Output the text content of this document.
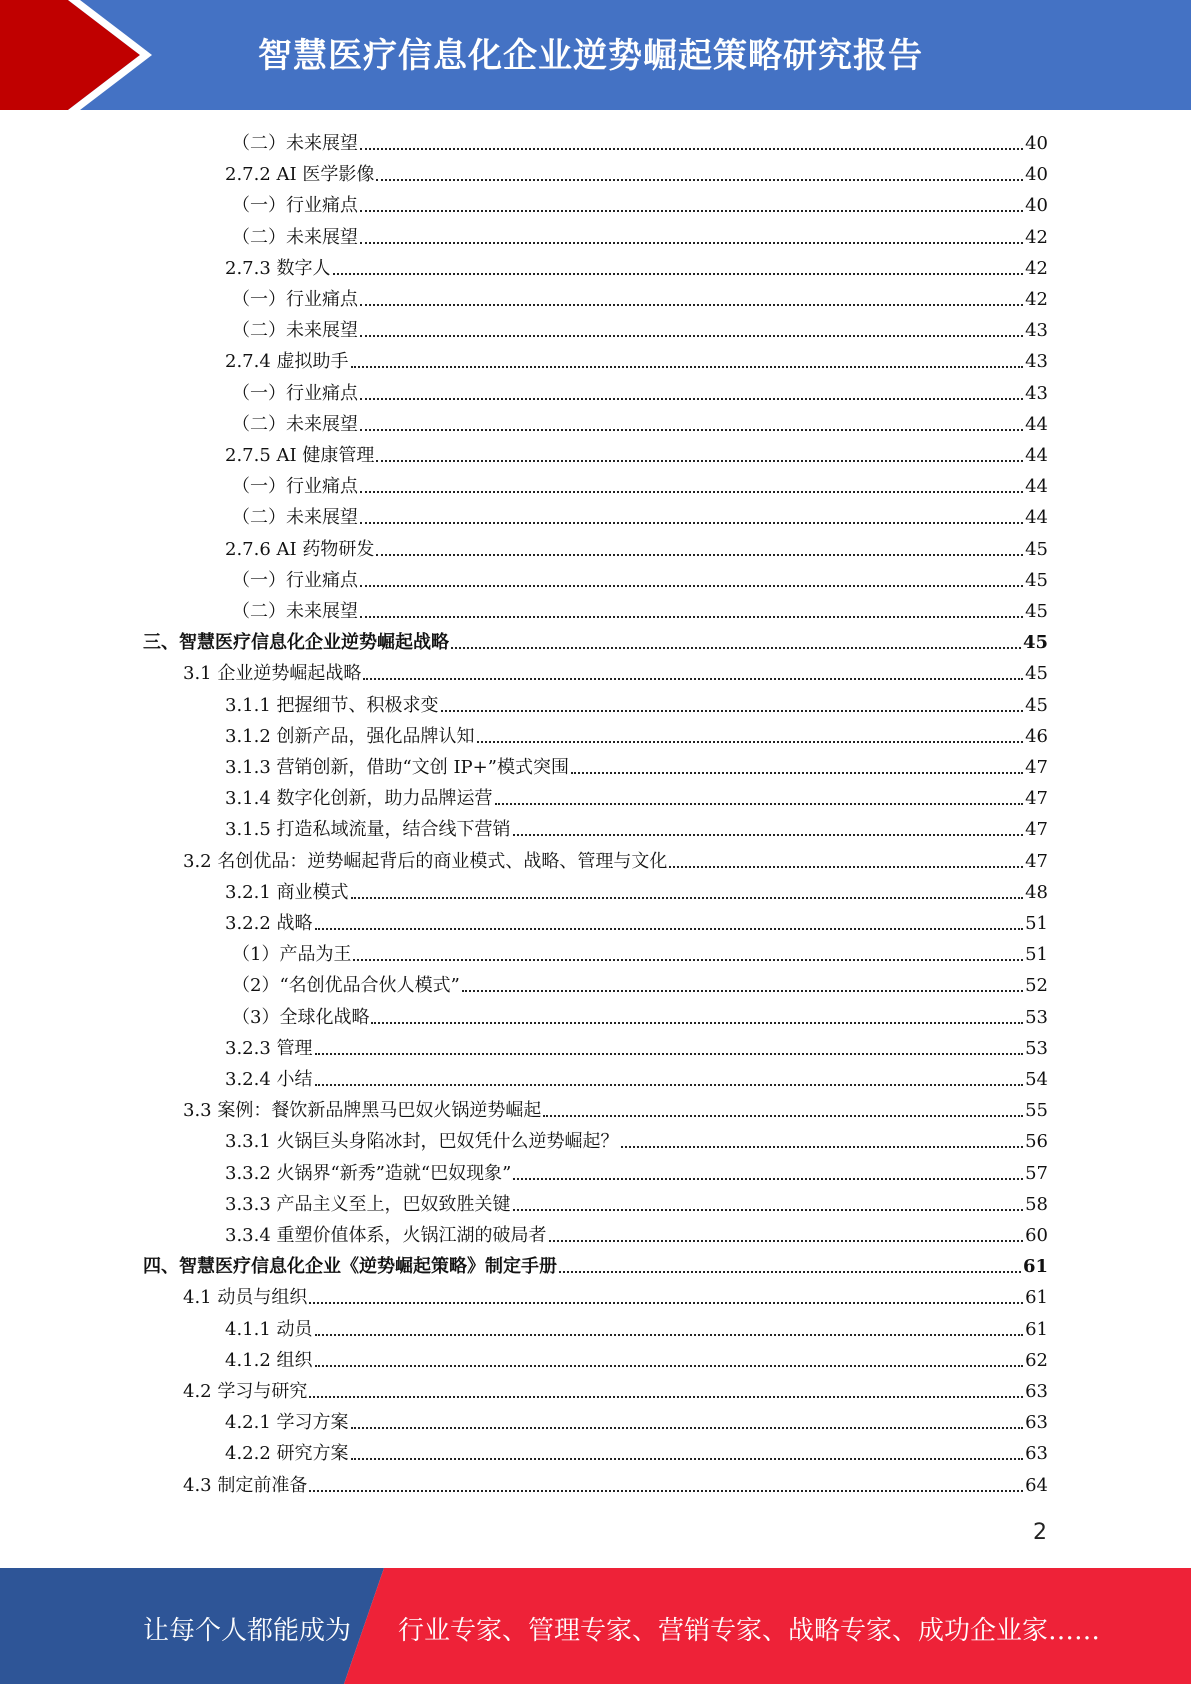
智慧医疗信息化企业逆势崛起策略研究报告
（二）未来展望	40
2.7.2 AI 医学影像	40
（一）行业痛点	40
（二）未来展望	42
2.7.3 数字人	42
（一）行业痛点	42
（二）未来展望	43
2.7.4 虚拟助手	43
（一）行业痛点	43
（二）未来展望	44
2.7.5 AI 健康管理	44
（一）行业痛点	44
（二）未来展望	44
2.7.6 AI 药物研发	45
（一）行业痛点	45
（二）未来展望	45
三、智慧医疗信息化企业逆势崛起战略	45
3.1 企业逆势崛起战略	45
3.1.1 把握细节、积极求变	45
3.1.2 创新产品，强化品牌认知	46
3.1.3 营销创新，借助“文创 IP+”模式突围	47
3.1.4 数字化创新，助力品牌运营	47
3.1.5 打造私域流量，结合线下营销	47
3.2 名创优品：逆势崛起背后的商业模式、战略、管理与文化	47
3.2.1 商业模式	48
3.2.2 战略	51
（1）产品为王	51
（2）“名创优品合伙人模式”	52
（3）全球化战略	53
3.2.3 管理	53
3.2.4 小结	54
3.3 案例：餐饮新品牌黑马巴奴火锅逆势崛起	55
3.3.1 火锅巨头身陷冰封，巴奴凭什么逆势崛起？	56
3.3.2 火锅界“新秀”造就“巴奴现象”	57
3.3.3 产品主义至上，巴奴致胜关键	58
3.3.4 重塑价值体系，火锅江湖的破局者	60
四、智慧医疗信息化企业《逆势崛起策略》制定手册	61
4.1 动员与组织	61
4.1.1 动员	61
4.1.2 组织	62
4.2 学习与研究	63
4.2.1 学习方案	63
4.2.2 研究方案	63
4.3 制定前准备	64
2
让每个人都能成为 行业专家、管理专家、营销专家、战略专家、成功企业家……
